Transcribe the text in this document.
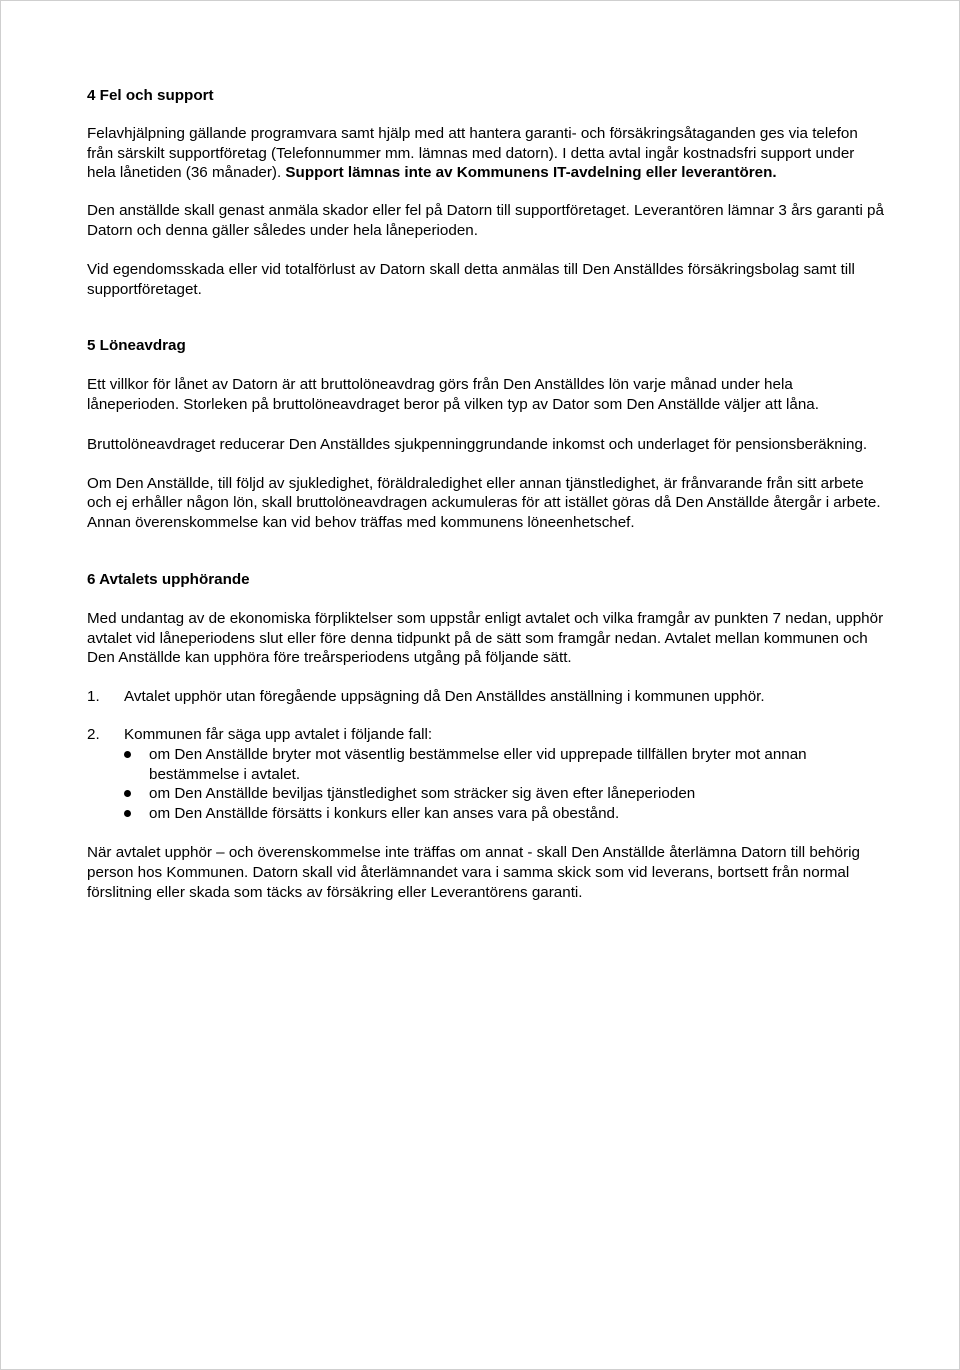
4 Fel och support

Felavhjälpning gällande programvara samt hjälp med att hantera garanti- och försäkringsåtaganden ges via telefon från särskilt supportföretag (Telefonnummer mm. lämnas med datorn). I detta avtal ingår kostnadsfri support under hela lånetiden (36 månader). Support lämnas inte av Kommunens IT-avdelning eller leverantören.

Den anställde skall genast anmäla skador eller fel på Datorn till supportföretaget. Leverantören lämnar 3 års garanti på Datorn och denna gäller således under hela låneperioden.

Vid egendomsskada eller vid totalförlust av Datorn skall detta anmälas till Den Anställdes försäkringsbolag samt till supportföretaget.

5 Löneavdrag

Ett villkor för lånet av Datorn är att bruttolöneavdrag görs från Den Anställdes lön varje månad under hela låneperioden. Storleken på bruttolöneavdraget beror på vilken typ av Dator som Den Anställde väljer att låna.

Bruttolöneavdraget reducerar Den Anställdes sjukpenninggrundande inkomst och underlaget för pensionsberäkning.

Om Den Anställde, till följd av sjukledighet, föräldraledighet eller annan tjänstledighet, är frånvarande från sitt arbete och ej erhåller någon lön, skall bruttolöneavdragen ackumuleras för att istället göras då Den Anställde återgår i arbete. Annan överenskommelse kan vid behov träffas med kommunens löneenhetschef.

6 Avtalets upphörande

Med undantag av de ekonomiska förpliktelser som uppstår enligt avtalet och vilka framgår av punkten 7 nedan, upphör avtalet vid låneperiodens slut eller före denna tidpunkt på de sätt som framgår nedan. Avtalet mellan kommunen och Den Anställde kan upphöra före treårsperiodens utgång på följande sätt.

1.	Avtalet upphör utan föregående uppsägning då Den Anställdes anställning i kommunen upphör.
2.	Kommunen får säga upp avtalet i följande fall:
om Den Anställde bryter mot väsentlig bestämmelse eller vid upprepade tillfällen bryter mot annan bestämmelse i avtalet.
om Den Anställde beviljas tjänstledighet som sträcker sig även efter låneperioden
om Den Anställde försätts i konkurs eller kan anses vara på obestånd.

När avtalet upphör – och överenskommelse inte träffas om annat - skall Den Anställde återlämna Datorn till behörig person hos Kommunen. Datorn skall vid återlämnandet vara i samma skick som vid leverans, bortsett från normal förslitning eller skada som täcks av försäkring eller Leverantörens garanti.
